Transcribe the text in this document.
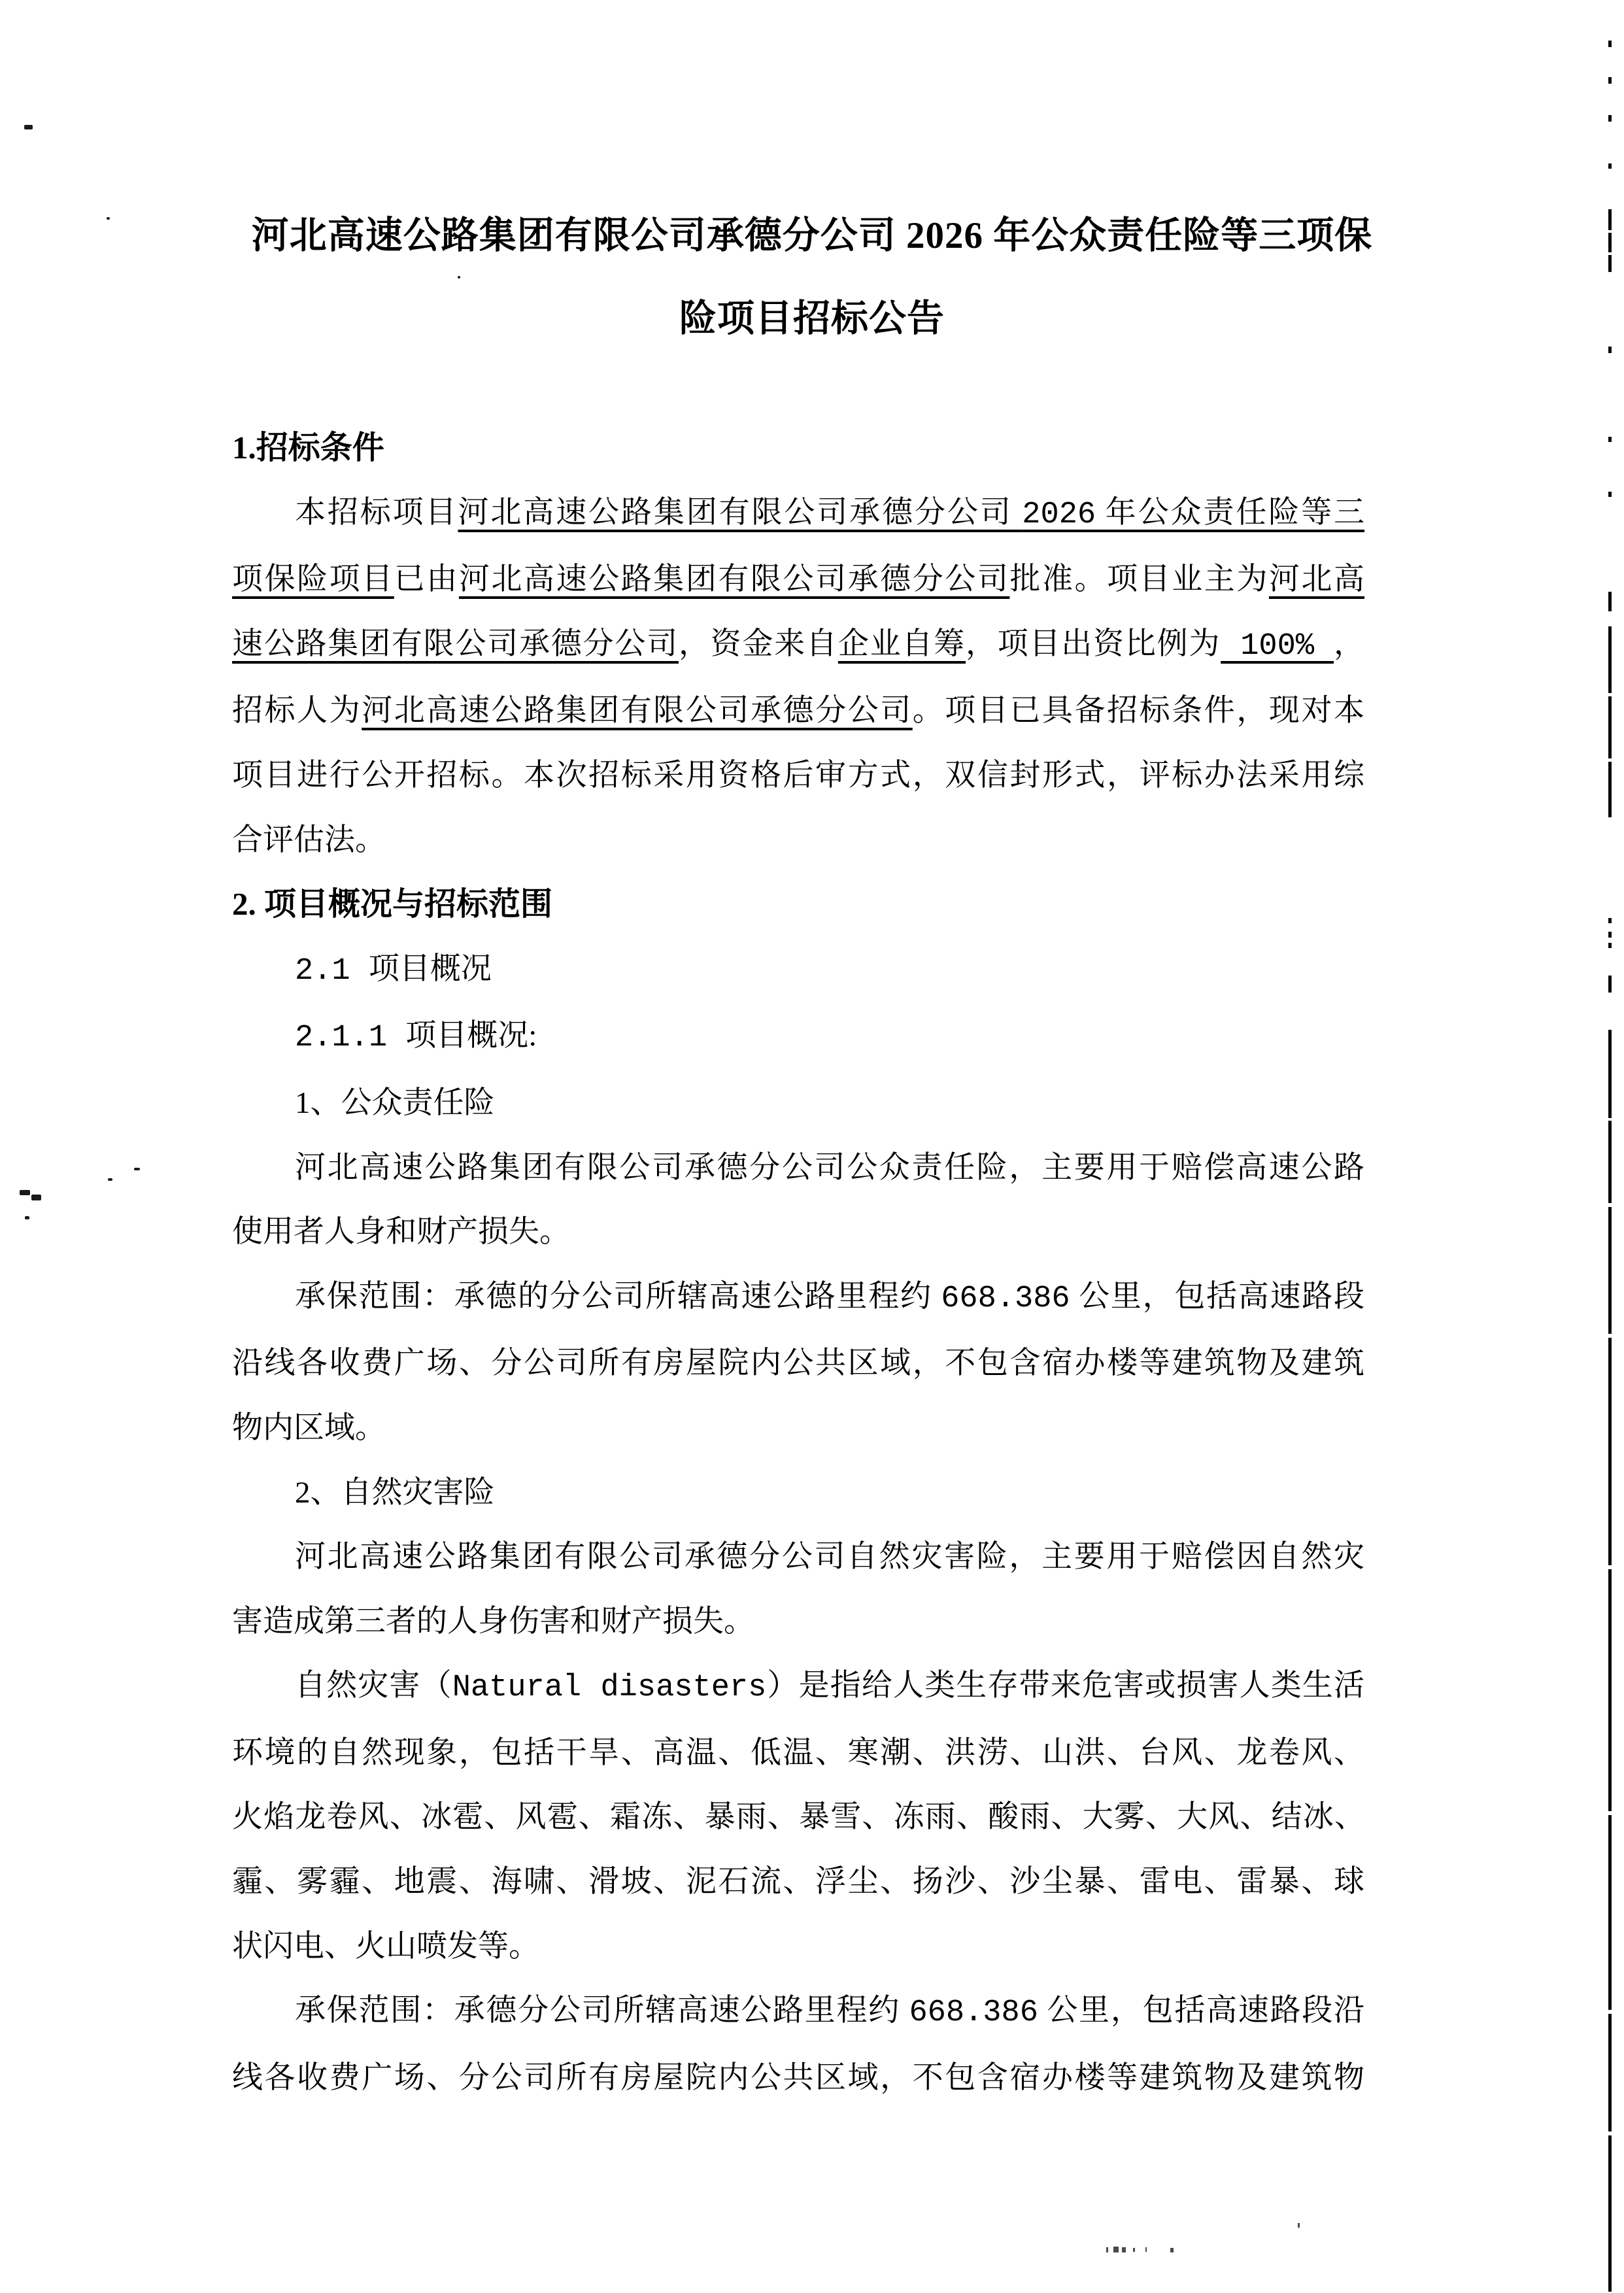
河北高速公路集团有限公司承德分公司 2026 年公众责任险等三项保
险项目招标公告
1.招标条件
本招标项目河北高速公路集团有限公司承德分公司 2026 年公众责任险等三
项保险项目已由河北高速公路集团有限公司承德分公司批准。项目业主为河北高
速公路集团有限公司承德分公司，资金来自企业自筹，项目出资比例为 100% ，
招标人为河北高速公路集团有限公司承德分公司。项目已具备招标条件，现对本
项目进行公开招标。本次招标采用资格后审方式，双信封形式，评标办法采用综
合评估法。
2. 项目概况与招标范围
2.1 项目概况
2.1.1 项目概况:
1、公众责任险
河北高速公路集团有限公司承德分公司公众责任险，主要用于赔偿高速公路
使用者人身和财产损失。
承保范围：承德的分公司所辖高速公路里程约 668.386 公里，包括高速路段
沿线各收费广场、分公司所有房屋院内公共区域，不包含宿办楼等建筑物及建筑
物内区域。
2、自然灾害险
河北高速公路集团有限公司承德分公司自然灾害险，主要用于赔偿因自然灾
害造成第三者的人身伤害和财产损失。
自然灾害（Natural disasters）是指给人类生存带来危害或损害人类生活
环境的自然现象，包括干旱、高温、低温、寒潮、洪涝、山洪、台风、龙卷风、
火焰龙卷风、冰雹、风雹、霜冻、暴雨、暴雪、冻雨、酸雨、大雾、大风、结冰、
霾、雾霾、地震、海啸、滑坡、泥石流、浮尘、扬沙、沙尘暴、雷电、雷暴、球
状闪电、火山喷发等。
承保范围：承德分公司所辖高速公路里程约 668.386 公里，包括高速路段沿
线各收费广场、分公司所有房屋院内公共区域，不包含宿办楼等建筑物及建筑物
